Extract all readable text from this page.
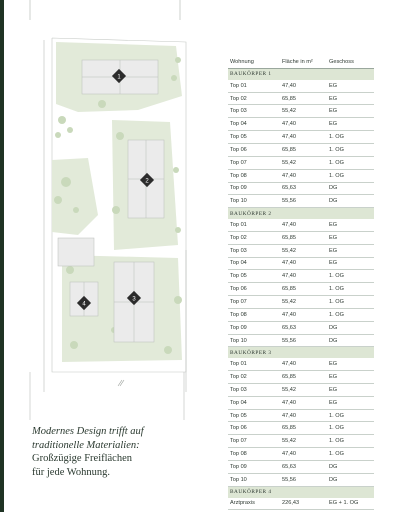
1
2
3
4
Modernes Design trifft auf
traditionelle Materialien:
Großzügige Freiflächen
für jede Wohnung.
Wohnung	Fläche in m²	Geschoss
BAUKÖRPER 1
Top 01	47,40	EG
Top 02	65,85	EG
Top 03	55,42	EG
Top 04	47,40	EG
Top 05	47,40	1. OG
Top 06	65,85	1. OG
Top 07	55,42	1. OG
Top 08	47,40	1. OG
Top 09	65,63	DG
Top 10	55,56	DG
BAUKÖRPER 2
Top 01	47,40	EG
Top 02	65,85	EG
Top 03	55,42	EG
Top 04	47,40	EG
Top 05	47,40	1. OG
Top 06	65,85	1. OG
Top 07	55,42	1. OG
Top 08	47,40	1. OG
Top 09	65,63	DG
Top 10	55,56	DG
BAUKÖRPER 3
Top 01	47,40	EG
Top 02	65,85	EG
Top 03	55,42	EG
Top 04	47,40	EG
Top 05	47,40	1. OG
Top 06	65,85	1. OG
Top 07	55,42	1. OG
Top 08	47,40	1. OG
Top 09	65,63	DG
Top 10	55,56	DG
BAUKÖRPER 4
Arztpraxis	226,43	EG + 1. OG
